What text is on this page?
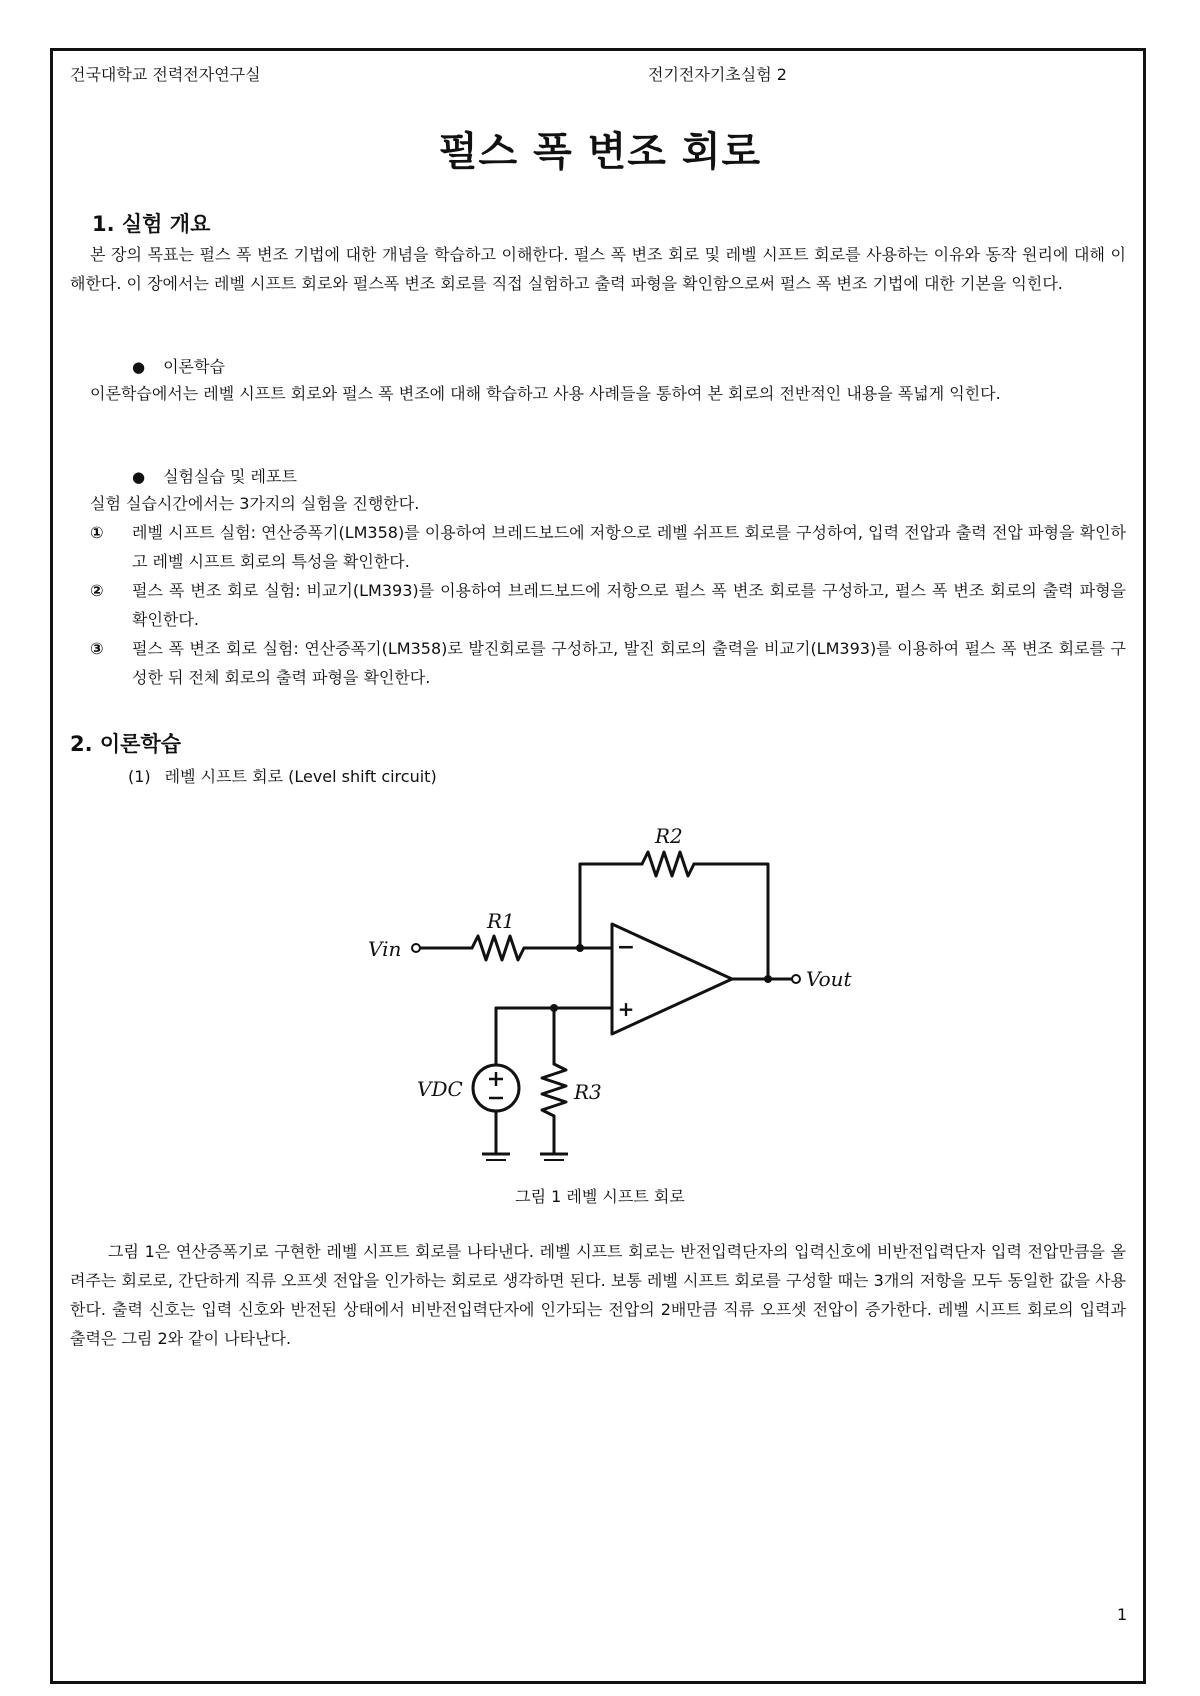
건국대학교 전력전자연구실	전기전자기초실험 2
펄스 폭 변조 회로
1. 실험 개요

본 장의 목표는 펄스 폭 변조 기법에 대한 개념을 학습하고 이해한다. 펄스 폭 변조 회로 및 레벨 시프트 회로를 사용하는 이유와 동작 원리에 대해 이해한다. 이 장에서는 레벨 시프트 회로와 펄스폭 변조 회로를 직접 실험하고 출력 파형을 확인함으로써 펄스 폭 변조 기법에 대한 기본을 익힌다.

● 이론학습

이론학습에서는 레벨 시프트 회로와 펄스 폭 변조에 대해 학습하고 사용 사례들을 통하여 본 회로의 전반적인 내용을 폭넓게 익힌다.

● 실험실습 및 레포트

실험 실습시간에서는 3가지의 실험을 진행한다.

① 레벨 시프트 실험: 연산증폭기(LM358)를 이용하여 브레드보드에 저항으로 레벨 쉬프트 회로를 구성하여, 입력 전압과 출력 전압 파형을 확인하고 레벨 시프트 회로의 특성을 확인한다.
② 펄스 폭 변조 회로 실험: 비교기(LM393)를 이용하여 브레드보드에 저항으로 펄스 폭 변조 회로를 구성하고, 펄스 폭 변조 회로의 출력 파형을 확인한다.
③ 펄스 폭 변조 회로 실험: 연산증폭기(LM358)로 발진회로를 구성하고, 발진 회로의 출력을 비교기(LM393)를 이용하여 펄스 폭 변조 회로를 구성한 뒤 전체 회로의 출력 파형을 확인한다.
2. 이론학습
(1) 레벨 시프트 회로 (Level shift circuit)
−
+
Vin
Vout
VDC
R1
R2
R3
그림 1 레벨 시프트 회로

그림 1은 연산증폭기로 구현한 레벨 시프트 회로를 나타낸다. 레벨 시프트 회로는 반전입력단자의 입력신호에 비반전입력단자 입력 전압만큼을 올려주는 회로로, 간단하게 직류 오프셋 전압을 인가하는 회로로 생각하면 된다. 보통 레벨 시프트 회로를 구성할 때는 3개의 저항을 모두 동일한 값을 사용한다. 출력 신호는 입력 신호와 반전된 상태에서 비반전입력단자에 인가되는 전압의 2배만큼 직류 오프셋 전압이 증가한다. 레벨 시프트 회로의 입력과 출력은 그림 2와 같이 나타난다.

1
